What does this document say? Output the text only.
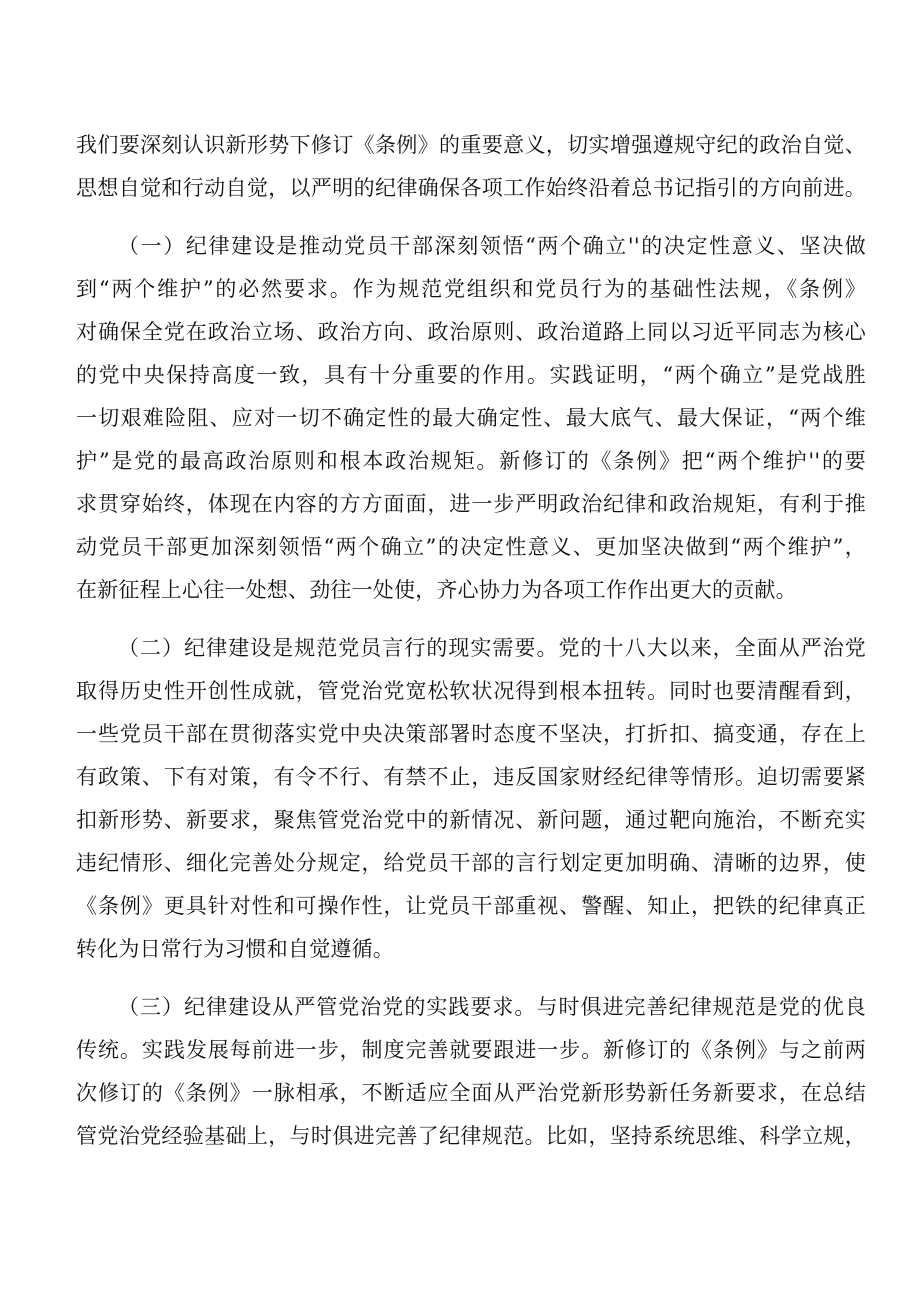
我们要深刻认识新形势下修订《条例》的重要意义，切实增强遵规守纪的政治自觉、
思想自觉和行动自觉，以严明的纪律确保各项工作始终沿着总书记指引的方向前进。
（一）纪律建设是推动党员干部深刻领悟“两个确立''的决定性意义、坚决做
到“两个维护”的必然要求。作为规范党组织和党员行为的基础性法规，《条例》
对确保全党在政治立场、政治方向、政治原则、政治道路上同以习近平同志为核心
的党中央保持高度一致，具有十分重要的作用。实践证明，“两个确立”是党战胜
一切艰难险阻、应对一切不确定性的最大确定性、最大底气、最大保证，“两个维
护”是党的最高政治原则和根本政治规矩。新修订的《条例》把“两个维护''的要
求贯穿始终，体现在内容的方方面面，进一步严明政治纪律和政治规矩，有利于推
动党员干部更加深刻领悟“两个确立”的决定性意义、更加坚决做到“两个维护”，
在新征程上心往一处想、劲往一处使，齐心协力为各项工作作出更大的贡献。
（二）纪律建设是规范党员言行的现实需要。党的十八大以来，全面从严治党
取得历史性开创性成就，管党治党宽松软状况得到根本扭转。同时也要清醒看到，
一些党员干部在贯彻落实党中央决策部署时态度不坚决，打折扣、搞变通，存在上
有政策、下有对策，有令不行、有禁不止，违反国家财经纪律等情形。迫切需要紧
扣新形势、新要求，聚焦管党治党中的新情况、新问题，通过靶向施治，不断充实
违纪情形、细化完善处分规定，给党员干部的言行划定更加明确、清晰的边界，使
《条例》更具针对性和可操作性，让党员干部重视、警醒、知止，把铁的纪律真正
转化为日常行为习惯和自觉遵循。
（三）纪律建设从严管党治党的实践要求。与时俱进完善纪律规范是党的优良
传统。实践发展每前进一步，制度完善就要跟进一步。新修订的《条例》与之前两
次修订的《条例》一脉相承，不断适应全面从严治党新形势新任务新要求，在总结
管党治党经验基础上，与时俱进完善了纪律规范。比如，坚持系统思维、科学立规，
